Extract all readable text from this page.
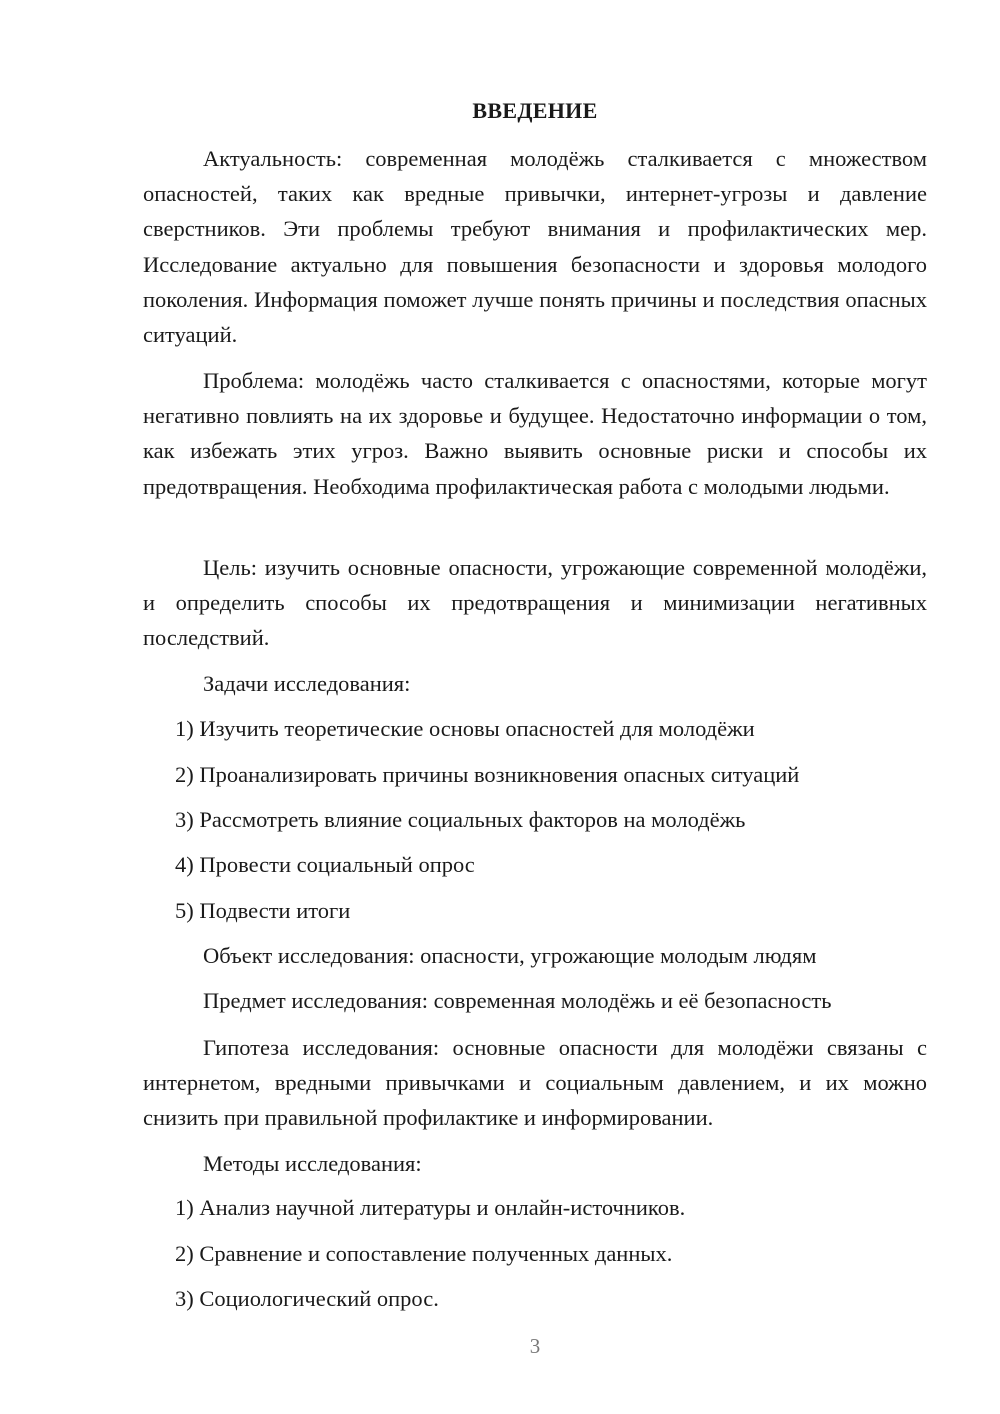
ВВЕДЕНИЕ

Актуальность: современная молодёжь сталкивается с множеством опасностей, таких как вредные привычки, интернет-угрозы и давление сверстников. Эти проблемы требуют внимания и профилактических мер. Исследование актуально для повышения безопасности и здоровья молодого поколения. Информация поможет лучше понять причины и последствия опасных ситуаций.

Проблема: молодёжь часто сталкивается с опасностями, которые могут негативно повлиять на их здоровье и будущее. Недостаточно информации о том, как избежать этих угроз. Важно выявить основные риски и способы их предотвращения. Необходима профилактическая работа с молодыми людьми.

Цель: изучить основные опасности, угрожающие современной молодёжи, и определить способы их предотвращения и минимизации негативных последствий.

Задачи исследования:

1) Изучить теоретические основы опасностей для молодёжи

2) Проанализировать причины возникновения опасных ситуаций

3) Рассмотреть влияние социальных факторов на молодёжь

4) Провести социальный опрос

5) Подвести итоги

Объект исследования: опасности, угрожающие молодым людям

Предмет исследования: современная молодёжь и её безопасность

Гипотеза исследования: основные опасности для молодёжи связаны с интернетом, вредными привычками и социальным давлением, и их можно снизить при правильной профилактике и информировании.

Методы исследования:

1) Анализ научной литературы и онлайн-источников.

2) Сравнение и сопоставление полученных данных.

3) Социологический опрос.

3
